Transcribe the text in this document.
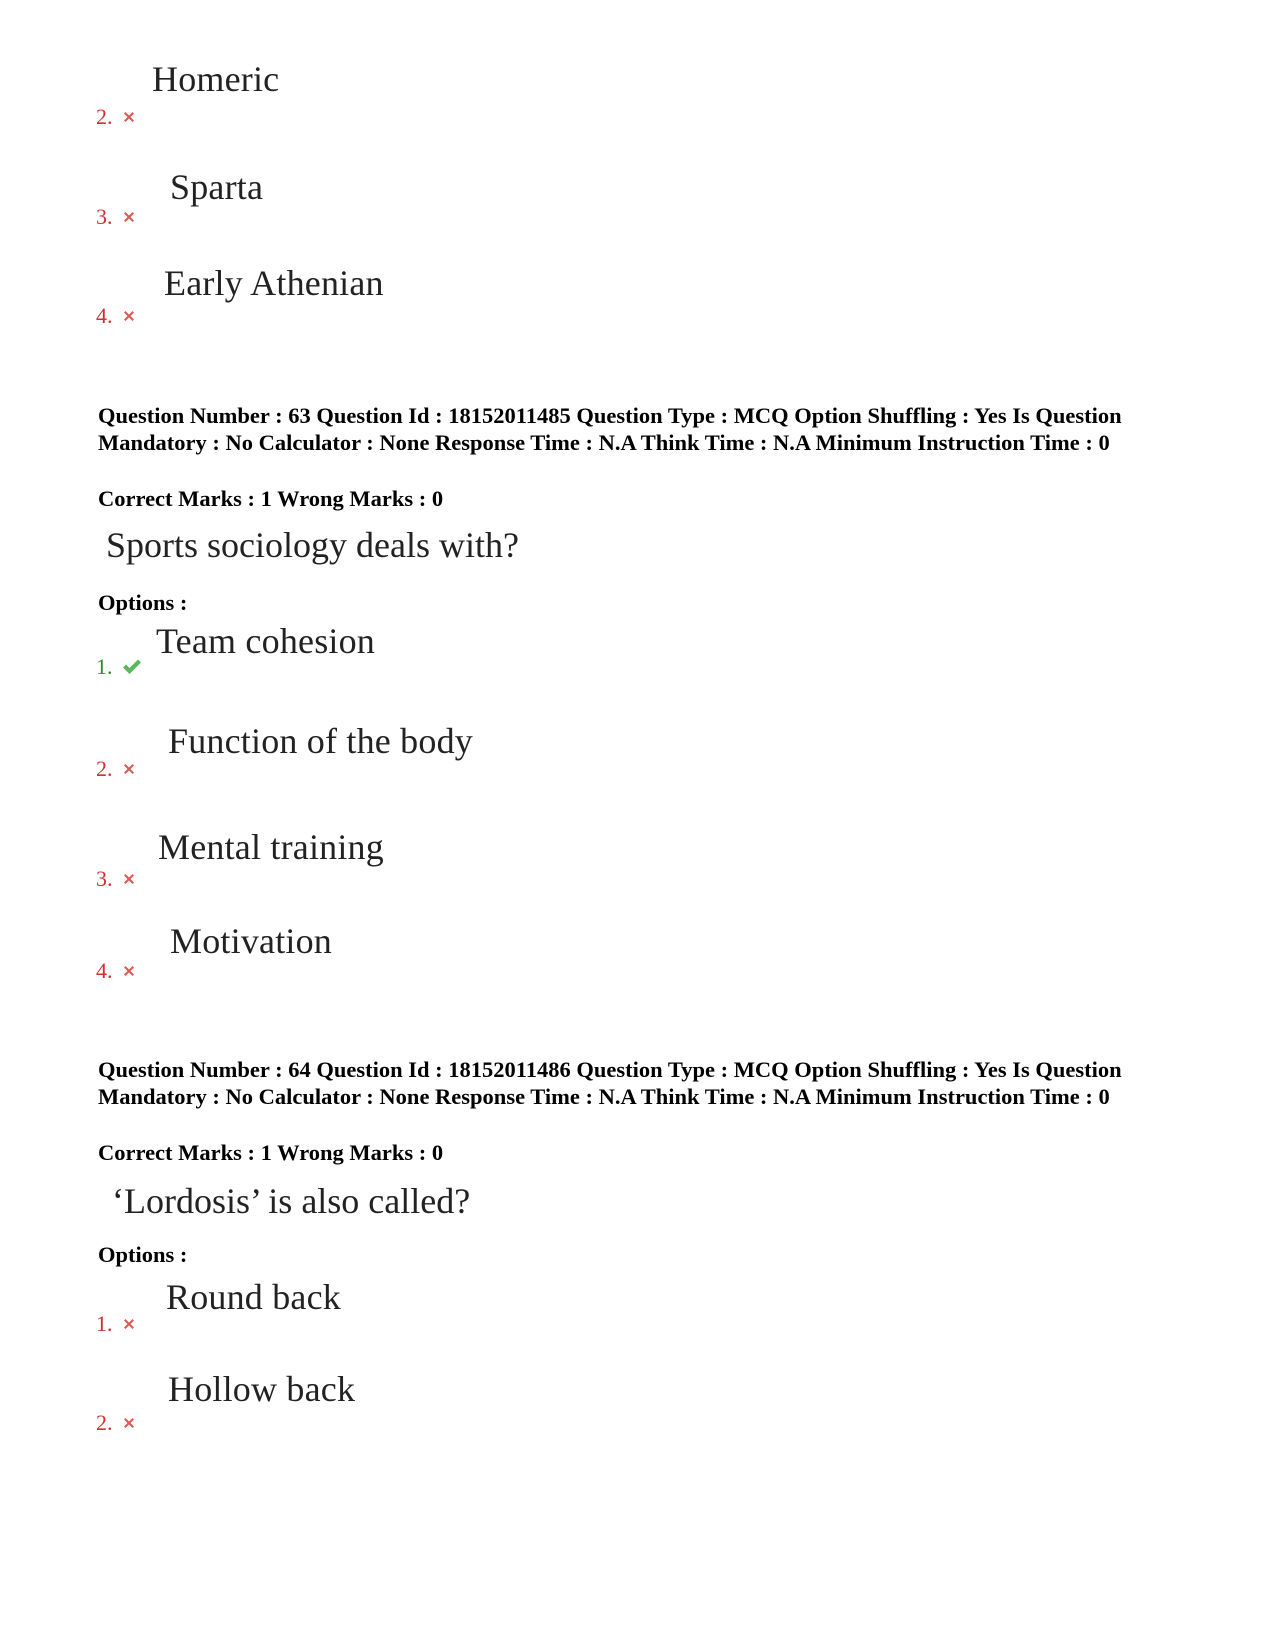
Homeric
2.
Sparta
3.
Early Athenian
4.
Question Number : 63 Question Id : 18152011485 Question Type : MCQ Option Shuffling : Yes Is Question Mandatory : No Calculator : None Response Time : N.A Think Time : N.A Minimum Instruction Time : 0
Correct Marks : 1 Wrong Marks : 0
Sports sociology deals with?
Options :
Team cohesion
1.
Function of the body
2.
Mental training
3.
Motivation
4.
Question Number : 64 Question Id : 18152011486 Question Type : MCQ Option Shuffling : Yes Is Question Mandatory : No Calculator : None Response Time : N.A Think Time : N.A Minimum Instruction Time : 0
Correct Marks : 1 Wrong Marks : 0
‘Lordosis’ is also called?
Options :
Round back
1.
Hollow back
2.
